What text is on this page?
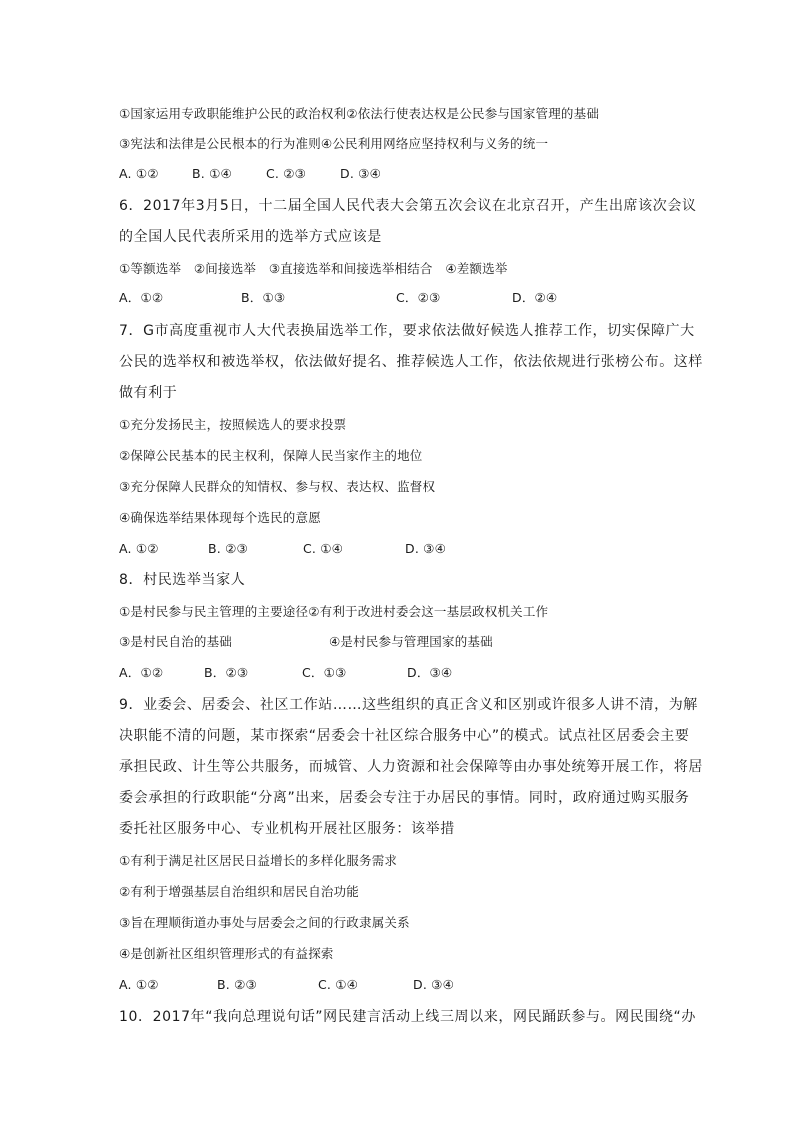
①国家运用专政职能维护公民的政治权利②依法行使表达权是公民参与国家管理的基础
③宪法和法律是公民根本的行为准则④公民利用网络应坚持权利与义务的统一
A. ①②	B. ①④	C. ②③	D. ③④
6．2017年3月5日，十二届全国人民代表大会第五次会议在北京召开，产生出席该次会议
的全国人民代表所采用的选举方式应该是
①等额选举　②间接选举　③直接选举和间接选举相结合　④差额选举
A．①②	B．①③	C．②③	D．②④
7．G市高度重视市人大代表换届选举工作，要求依法做好候选人推荐工作，切实保障广大
公民的选举权和被选举权，依法做好提名、推荐候选人工作，依法依规进行张榜公布。这样
做有利于
①充分发扬民主，按照候选人的要求投票
②保障公民基本的民主权利，保障人民当家作主的地位
③充分保障人民群众的知情权、参与权、表达权、监督权
④确保选举结果体现每个选民的意愿
A. ①②	B. ②③	C. ①④	D. ③④
8．村民选举当家人
①是村民参与民主管理的主要途径②有利于改进村委会这一基层政权机关工作
③是村民自治的基础	④是村民参与管理国家的基础
A．①②	B．②③	C．①③	D．③④
9．业委会、居委会、社区工作站……这些组织的真正含义和区别或许很多人讲不清，为解
决职能不清的问题，某市探索“居委会十社区综合服务中心”的模式。试点社区居委会主要
承担民政、计生等公共服务，而城管、人力资源和社会保障等由办事处统筹开展工作，将居
委会承担的行政职能“分离”出来，居委会专注于办居民的事情。同时，政府通过购买服务
委托社区服务中心、专业机构开展社区服务：该举措
①有利于满足社区居民日益增长的多样化服务需求
②有利于增强基层自治组织和居民自治功能
③旨在理顺街道办事处与居委会之间的行政隶属关系
④是创新社区组织管理形式的有益探索
A. ①②	B. ②③	C. ①④	D. ③④
10．2017年“我向总理说句话”网民建言活动上线三周以来，网民踊跃参与。网民围绕“办
